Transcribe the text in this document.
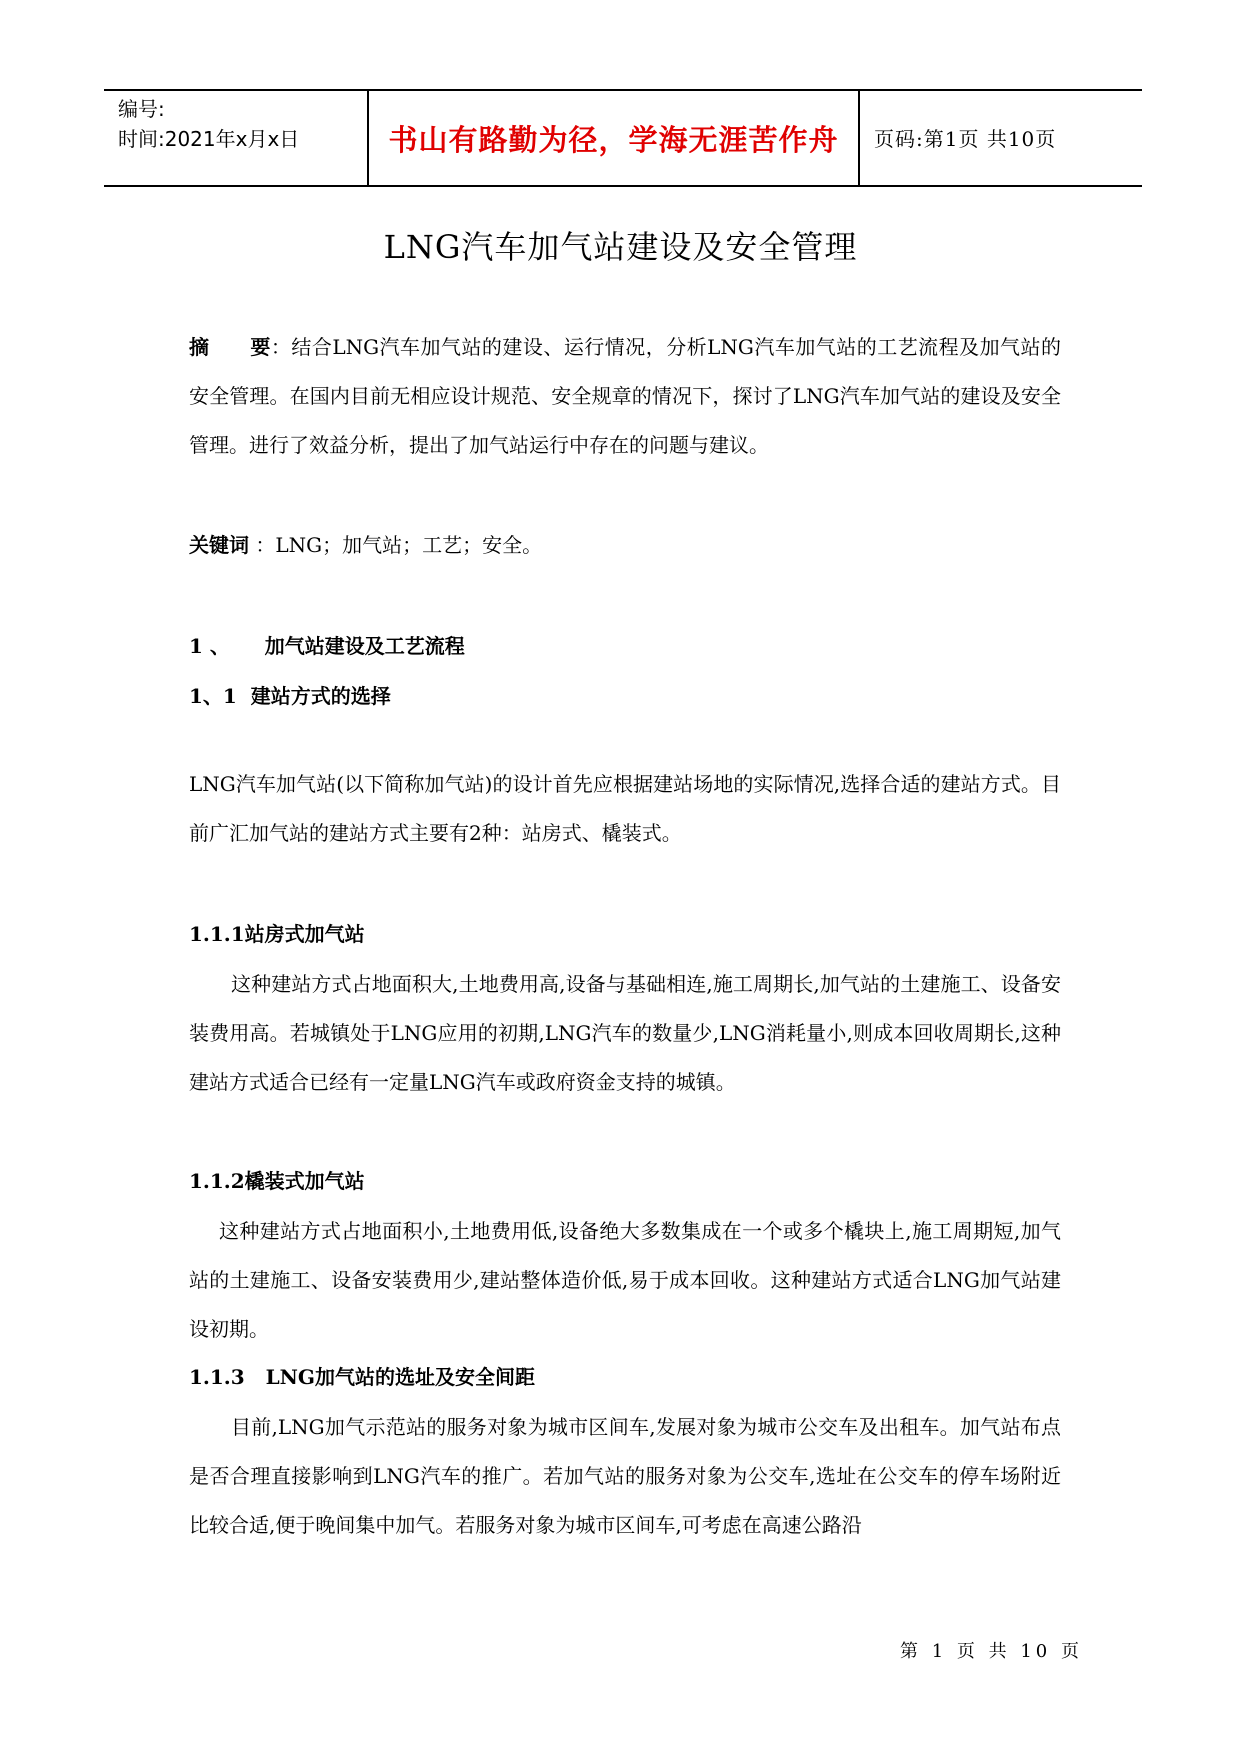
编号:
时间:2021年x月x日	书山有路勤为径，学海无涯苦作舟	页码:第1页 共10页
LNG汽车加气站建设及安全管理

摘　　要：结合LNG汽车加气站的建设、运行情况，分析LNG汽车加气站的工艺流程及加气站的安全管理。在国内目前无相应设计规范、安全规章的情况下，探讨了LNG汽车加气站的建设及安全管理。进行了效益分析，提出了加气站运行中存在的问题与建议。

关键词 ：LNG；加气站；工艺；安全。

1 、     加气站建设及工艺流程
1、1  建站方式的选择

LNG汽车加气站(以下简称加气站)的设计首先应根据建站场地的实际情况,选择合适的建站方式。目前广汇加气站的建站方式主要有2种：站房式、橇装式。

1.1.1站房式加气站

这种建站方式占地面积大,土地费用高,设备与基础相连,施工周期长,加气站的土建施工、设备安装费用高。若城镇处于LNG应用的初期,LNG汽车的数量少,LNG消耗量小,则成本回收周期长,这种建站方式适合已经有一定量LNG汽车或政府资金支持的城镇。

1.1.2橇装式加气站

这种建站方式占地面积小,土地费用低,设备绝大多数集成在一个或多个橇块上,施工周期短,加气站的土建施工、设备安装费用少,建站整体造价低,易于成本回收。这种建站方式适合LNG加气站建设初期。

1.1.3   LNG加气站的选址及安全间距

目前,LNG加气示范站的服务对象为城市区间车,发展对象为城市公交车及出租车。加气站布点是否合理直接影响到LNG汽车的推广。若加气站的服务对象为公交车,选址在公交车的停车场附近比较合适,便于晚间集中加气。若服务对象为城市区间车,可考虑在高速公路沿

第 1 页 共 10 页
